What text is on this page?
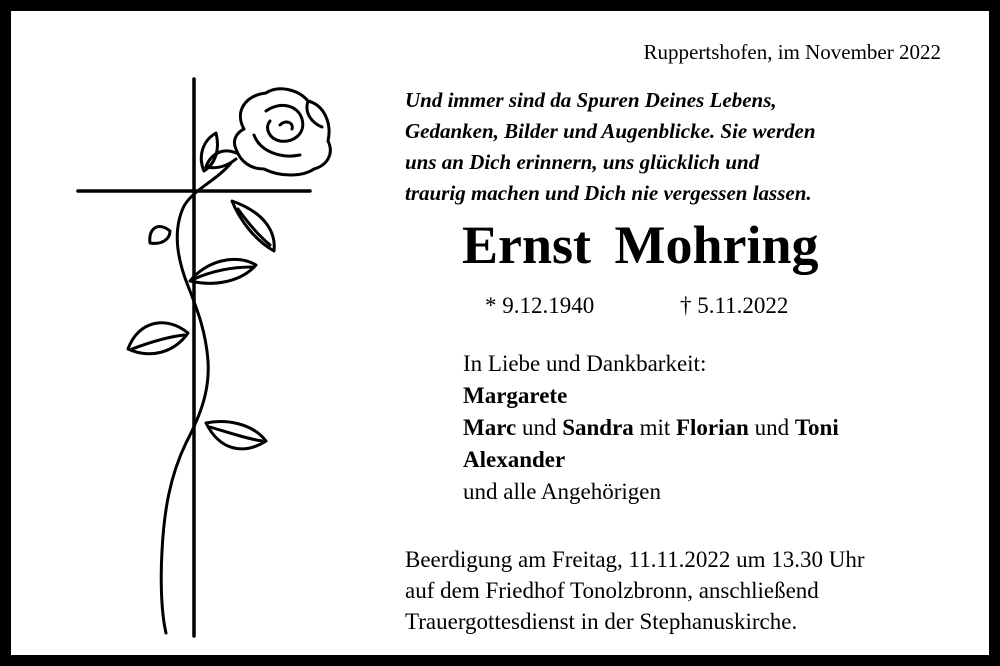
Ruppertshofen, im November 2022
Und immer sind da Spuren Deines Lebens,
Gedanken, Bilder und Augenblicke. Sie werden
uns an Dich erinnern, uns glücklich und
traurig machen und Dich nie vergessen lassen.
Ernst Mohring
* 9.12.1940	† 5.11.2022
In Liebe und Dankbarkeit:
Margarete
Marc und Sandra mit Florian und Toni
Alexander
und alle Angehörigen
Beerdigung am Freitag, 11.11.2022 um 13.30 Uhr
auf dem Friedhof Tonolzbronn, anschließend
Trauergottesdienst in der Stephanuskirche.
